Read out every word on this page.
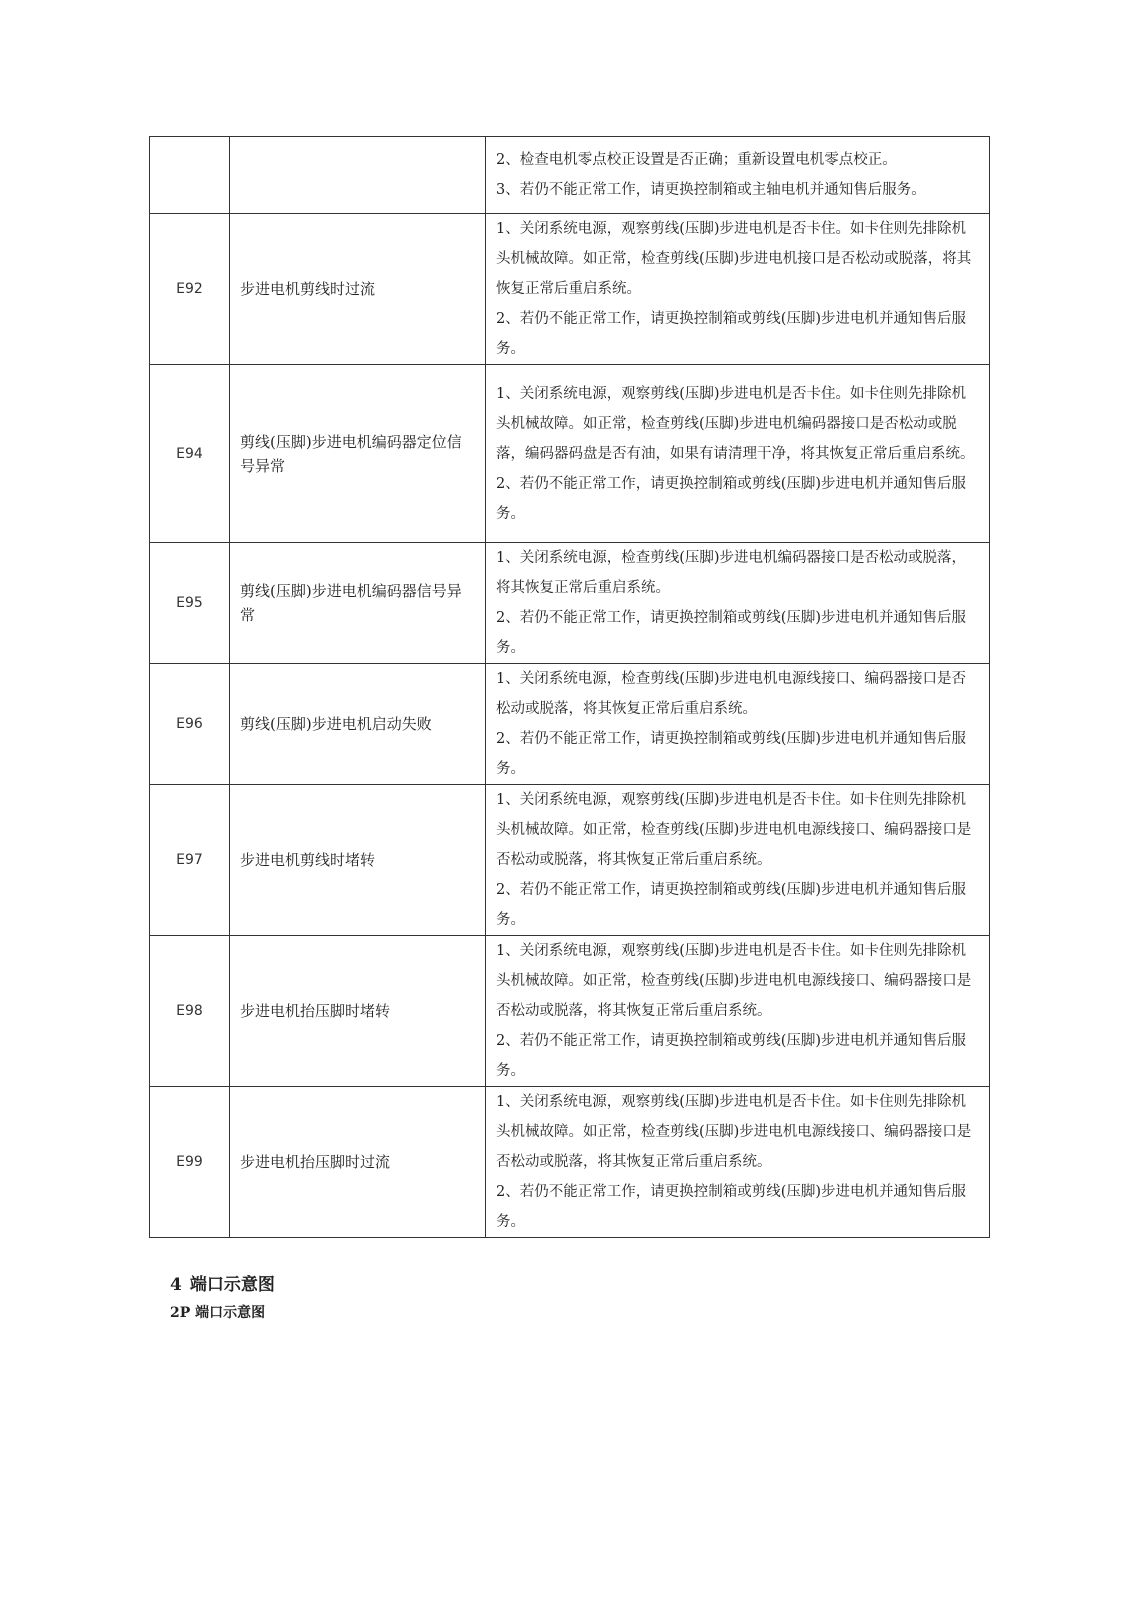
		2、检查电机零点校正设置是否正确；重新设置电机零点校正。

3、若仍不能正常工作，请更换控制箱或主轴电机并通知售后服务。

E92	步进电机剪线时过流	1、关闭系统电源，观察剪线(压脚)步进电机是否卡住。如卡住则先排除机头机械故障。如正常，检查剪线(压脚)步进电机接口是否松动或脱落，将其恢复正常后重启系统。

2、若仍不能正常工作，请更换控制箱或剪线(压脚)步进电机并通知售后服务。

E94	剪线(压脚)步进电机编码器定位信号异常	1、关闭系统电源，观察剪线(压脚)步进电机是否卡住。如卡住则先排除机头机械故障。如正常，检查剪线(压脚)步进电机编码器接口是否松动或脱落，编码器码盘是否有油，如果有请清理干净，将其恢复正常后重启系统。

2、若仍不能正常工作，请更换控制箱或剪线(压脚)步进电机并通知售后服务。

E95	剪线(压脚)步进电机编码器信号异常	1、关闭系统电源，检查剪线(压脚)步进电机编码器接口是否松动或脱落，将其恢复正常后重启系统。

2、若仍不能正常工作，请更换控制箱或剪线(压脚)步进电机并通知售后服务。

E96	剪线(压脚)步进电机启动失败	1、关闭系统电源，检查剪线(压脚)步进电机电源线接口、编码器接口是否松动或脱落，将其恢复正常后重启系统。

2、若仍不能正常工作，请更换控制箱或剪线(压脚)步进电机并通知售后服务。

E97	步进电机剪线时堵转	1、关闭系统电源，观察剪线(压脚)步进电机是否卡住。如卡住则先排除机头机械故障。如正常，检查剪线(压脚)步进电机电源线接口、编码器接口是否松动或脱落，将其恢复正常后重启系统。

2、若仍不能正常工作，请更换控制箱或剪线(压脚)步进电机并通知售后服务。

E98	步进电机抬压脚时堵转	1、关闭系统电源，观察剪线(压脚)步进电机是否卡住。如卡住则先排除机头机械故障。如正常，检查剪线(压脚)步进电机电源线接口、编码器接口是否松动或脱落，将其恢复正常后重启系统。

2、若仍不能正常工作，请更换控制箱或剪线(压脚)步进电机并通知售后服务。

E99	步进电机抬压脚时过流	1、关闭系统电源，观察剪线(压脚)步进电机是否卡住。如卡住则先排除机头机械故障。如正常，检查剪线(压脚)步进电机电源线接口、编码器接口是否松动或脱落，将其恢复正常后重启系统。

2、若仍不能正常工作，请更换控制箱或剪线(压脚)步进电机并通知售后服务。

4 端口示意图
2P 端口示意图
